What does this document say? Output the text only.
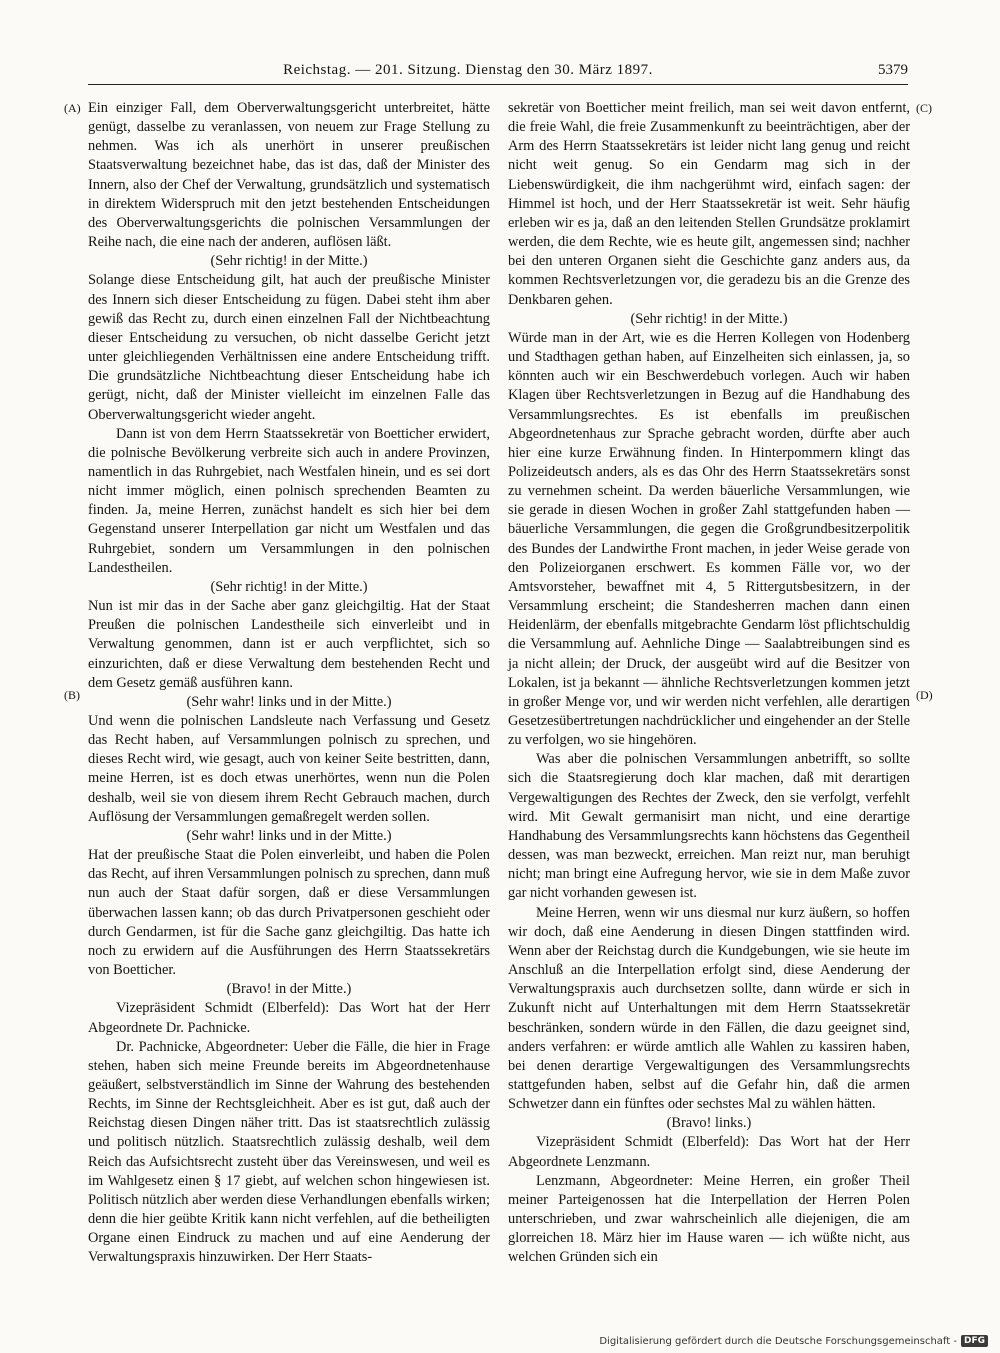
Reichstag. — 201. Sitzung. Dienstag den 30. März 1897.	5379
(A)
(B)
(C)
(D)

Ein einziger Fall, dem Oberverwaltungsgericht unterbreitet, hätte genügt, dasselbe zu veranlassen, von neuem zur Frage Stellung zu nehmen. Was ich als unerhört in unserer preußischen Staatsverwaltung bezeichnet habe, das ist das, daß der Minister des Innern, also der Chef der Verwaltung, grundsätzlich und systematisch in direktem Widerspruch mit den jetzt bestehenden Entscheidungen des Oberverwaltungsgerichts die polnischen Versammlungen der Reihe nach, die eine nach der anderen, auflösen läßt.

(Sehr richtig! in der Mitte.)

Solange diese Entscheidung gilt, hat auch der preußische Minister des Innern sich dieser Entscheidung zu fügen. Dabei steht ihm aber gewiß das Recht zu, durch einen einzelnen Fall der Nichtbeachtung dieser Entscheidung zu versuchen, ob nicht dasselbe Gericht jetzt unter gleichliegenden Verhältnissen eine andere Entscheidung trifft. Die grundsätzliche Nichtbeachtung dieser Entscheidung habe ich gerügt, nicht, daß der Minister vielleicht im einzelnen Falle das Oberverwaltungsgericht wieder angeht.

Dann ist von dem Herrn Staatssekretär von Boetticher erwidert, die polnische Bevölkerung verbreite sich auch in andere Provinzen, namentlich in das Ruhrgebiet, nach Westfalen hinein, und es sei dort nicht immer möglich, einen polnisch sprechenden Beamten zu finden. Ja, meine Herren, zunächst handelt es sich hier bei dem Gegenstand unserer Interpellation gar nicht um Westfalen und das Ruhrgebiet, sondern um Versammlungen in den polnischen Landestheilen.

(Sehr richtig! in der Mitte.)

Nun ist mir das in der Sache aber ganz gleichgiltig. Hat der Staat Preußen die polnischen Landestheile sich einverleibt und in Verwaltung genommen, dann ist er auch verpflichtet, sich so einzurichten, daß er diese Verwaltung dem bestehenden Recht und dem Gesetz gemäß ausführen kann.

(Sehr wahr! links und in der Mitte.)

Und wenn die polnischen Landsleute nach Verfassung und Gesetz das Recht haben, auf Versammlungen polnisch zu sprechen, und dieses Recht wird, wie gesagt, auch von keiner Seite bestritten, dann, meine Herren, ist es doch etwas unerhörtes, wenn nun die Polen deshalb, weil sie von diesem ihrem Recht Gebrauch machen, durch Auflösung der Versammlungen gemaßregelt werden sollen.

(Sehr wahr! links und in der Mitte.)

Hat der preußische Staat die Polen einverleibt, und haben die Polen das Recht, auf ihren Versammlungen polnisch zu sprechen, dann muß nun auch der Staat dafür sorgen, daß er diese Versammlungen überwachen lassen kann; ob das durch Privatpersonen geschieht oder durch Gendarmen, ist für die Sache ganz gleichgiltig. Das hatte ich noch zu erwidern auf die Ausführungen des Herrn Staatssekretärs von Boetticher.

(Bravo! in der Mitte.)

Vizepräsident Schmidt (Elberfeld): Das Wort hat der Herr Abgeordnete Dr. Pachnicke.

Dr. Pachnicke, Abgeordneter: Ueber die Fälle, die hier in Frage stehen, haben sich meine Freunde bereits im Abgeordnetenhause geäußert, selbstverständlich im Sinne der Wahrung des bestehenden Rechts, im Sinne der Rechtsgleichheit. Aber es ist gut, daß auch der Reichstag diesen Dingen näher tritt. Das ist staatsrechtlich zulässig und politisch nützlich. Staatsrechtlich zulässig deshalb, weil dem Reich das Aufsichtsrecht zusteht über das Vereinswesen, und weil es im Wahlgesetz einen § 17 giebt, auf welchen schon hingewiesen ist. Politisch nützlich aber werden diese Verhandlungen ebenfalls wirken; denn die hier geübte Kritik kann nicht verfehlen, auf die betheiligten Organe einen Eindruck zu machen und auf eine Aenderung der Verwaltungspraxis hinzuwirken. Der Herr Staats-

sekretär von Boetticher meint freilich, man sei weit davon entfernt, die freie Wahl, die freie Zusammenkunft zu beeinträchtigen, aber der Arm des Herrn Staatssekretärs ist leider nicht lang genug und reicht nicht weit genug. So ein Gendarm mag sich in der Liebenswürdigkeit, die ihm nachgerühmt wird, einfach sagen: der Himmel ist hoch, und der Herr Staatssekretär ist weit. Sehr häufig erleben wir es ja, daß an den leitenden Stellen Grundsätze proklamirt werden, die dem Rechte, wie es heute gilt, angemessen sind; nachher bei den unteren Organen sieht die Geschichte ganz anders aus, da kommen Rechtsverletzungen vor, die geradezu bis an die Grenze des Denkbaren gehen.

(Sehr richtig! in der Mitte.)

Würde man in der Art, wie es die Herren Kollegen von Hodenberg und Stadthagen gethan haben, auf Einzelheiten sich einlassen, ja, so könnten auch wir ein Beschwerdebuch vorlegen. Auch wir haben Klagen über Rechtsverletzungen in Bezug auf die Handhabung des Versammlungsrechtes. Es ist ebenfalls im preußischen Abgeordnetenhaus zur Sprache gebracht worden, dürfte aber auch hier eine kurze Erwähnung finden. In Hinterpommern klingt das Polizeideutsch anders, als es das Ohr des Herrn Staatssekretärs sonst zu vernehmen scheint. Da werden bäuerliche Versammlungen, wie sie gerade in diesen Wochen in großer Zahl stattgefunden haben — bäuerliche Versammlungen, die gegen die Großgrundbesitzerpolitik des Bundes der Landwirthe Front machen, in jeder Weise gerade von den Polizeiorganen erschwert. Es kommen Fälle vor, wo der Amtsvorsteher, bewaffnet mit 4, 5 Rittergutsbesitzern, in der Versammlung erscheint; die Standesherren machen dann einen Heidenlärm, der ebenfalls mitgebrachte Gendarm löst pflichtschuldig die Versammlung auf. Aehnliche Dinge — Saalabtreibungen sind es ja nicht allein; der Druck, der ausgeübt wird auf die Besitzer von Lokalen, ist ja bekannt — ähnliche Rechtsverletzungen kommen jetzt in großer Menge vor, und wir werden nicht verfehlen, alle derartigen Gesetzesübertretungen nachdrücklicher und eingehender an der Stelle zu verfolgen, wo sie hingehören.

Was aber die polnischen Versammlungen anbetrifft, so sollte sich die Staatsregierung doch klar machen, daß mit derartigen Vergewaltigungen des Rechtes der Zweck, den sie verfolgt, verfehlt wird. Mit Gewalt germanisirt man nicht, und eine derartige Handhabung des Versammlungsrechts kann höchstens das Gegentheil dessen, was man bezweckt, erreichen. Man reizt nur, man beruhigt nicht; man bringt eine Aufregung hervor, wie sie in dem Maße zuvor gar nicht vorhanden gewesen ist.

Meine Herren, wenn wir uns diesmal nur kurz äußern, so hoffen wir doch, daß eine Aenderung in diesen Dingen stattfinden wird. Wenn aber der Reichstag durch die Kundgebungen, wie sie heute im Anschluß an die Interpellation erfolgt sind, diese Aenderung der Verwaltungspraxis auch durchsetzen sollte, dann würde er sich in Zukunft nicht auf Unterhaltungen mit dem Herrn Staatssekretär beschränken, sondern würde in den Fällen, die dazu geeignet sind, anders verfahren: er würde amtlich alle Wahlen zu kassiren haben, bei denen derartige Vergewaltigungen des Versammlungsrechts stattgefunden haben, selbst auf die Gefahr hin, daß die armen Schwetzer dann ein fünftes oder sechstes Mal zu wählen hätten.

(Bravo! links.)

Vizepräsident Schmidt (Elberfeld): Das Wort hat der Herr Abgeordnete Lenzmann.

Lenzmann, Abgeordneter: Meine Herren, ein großer Theil meiner Parteigenossen hat die Interpellation der Herren Polen unterschrieben, und zwar wahrscheinlich alle diejenigen, die am glorreichen 18. März hier im Hause waren — ich wüßte nicht, aus welchen Gründen sich ein

Digitalisierung gefördert durch die Deutsche Forschungsgemeinschaft - DFG
